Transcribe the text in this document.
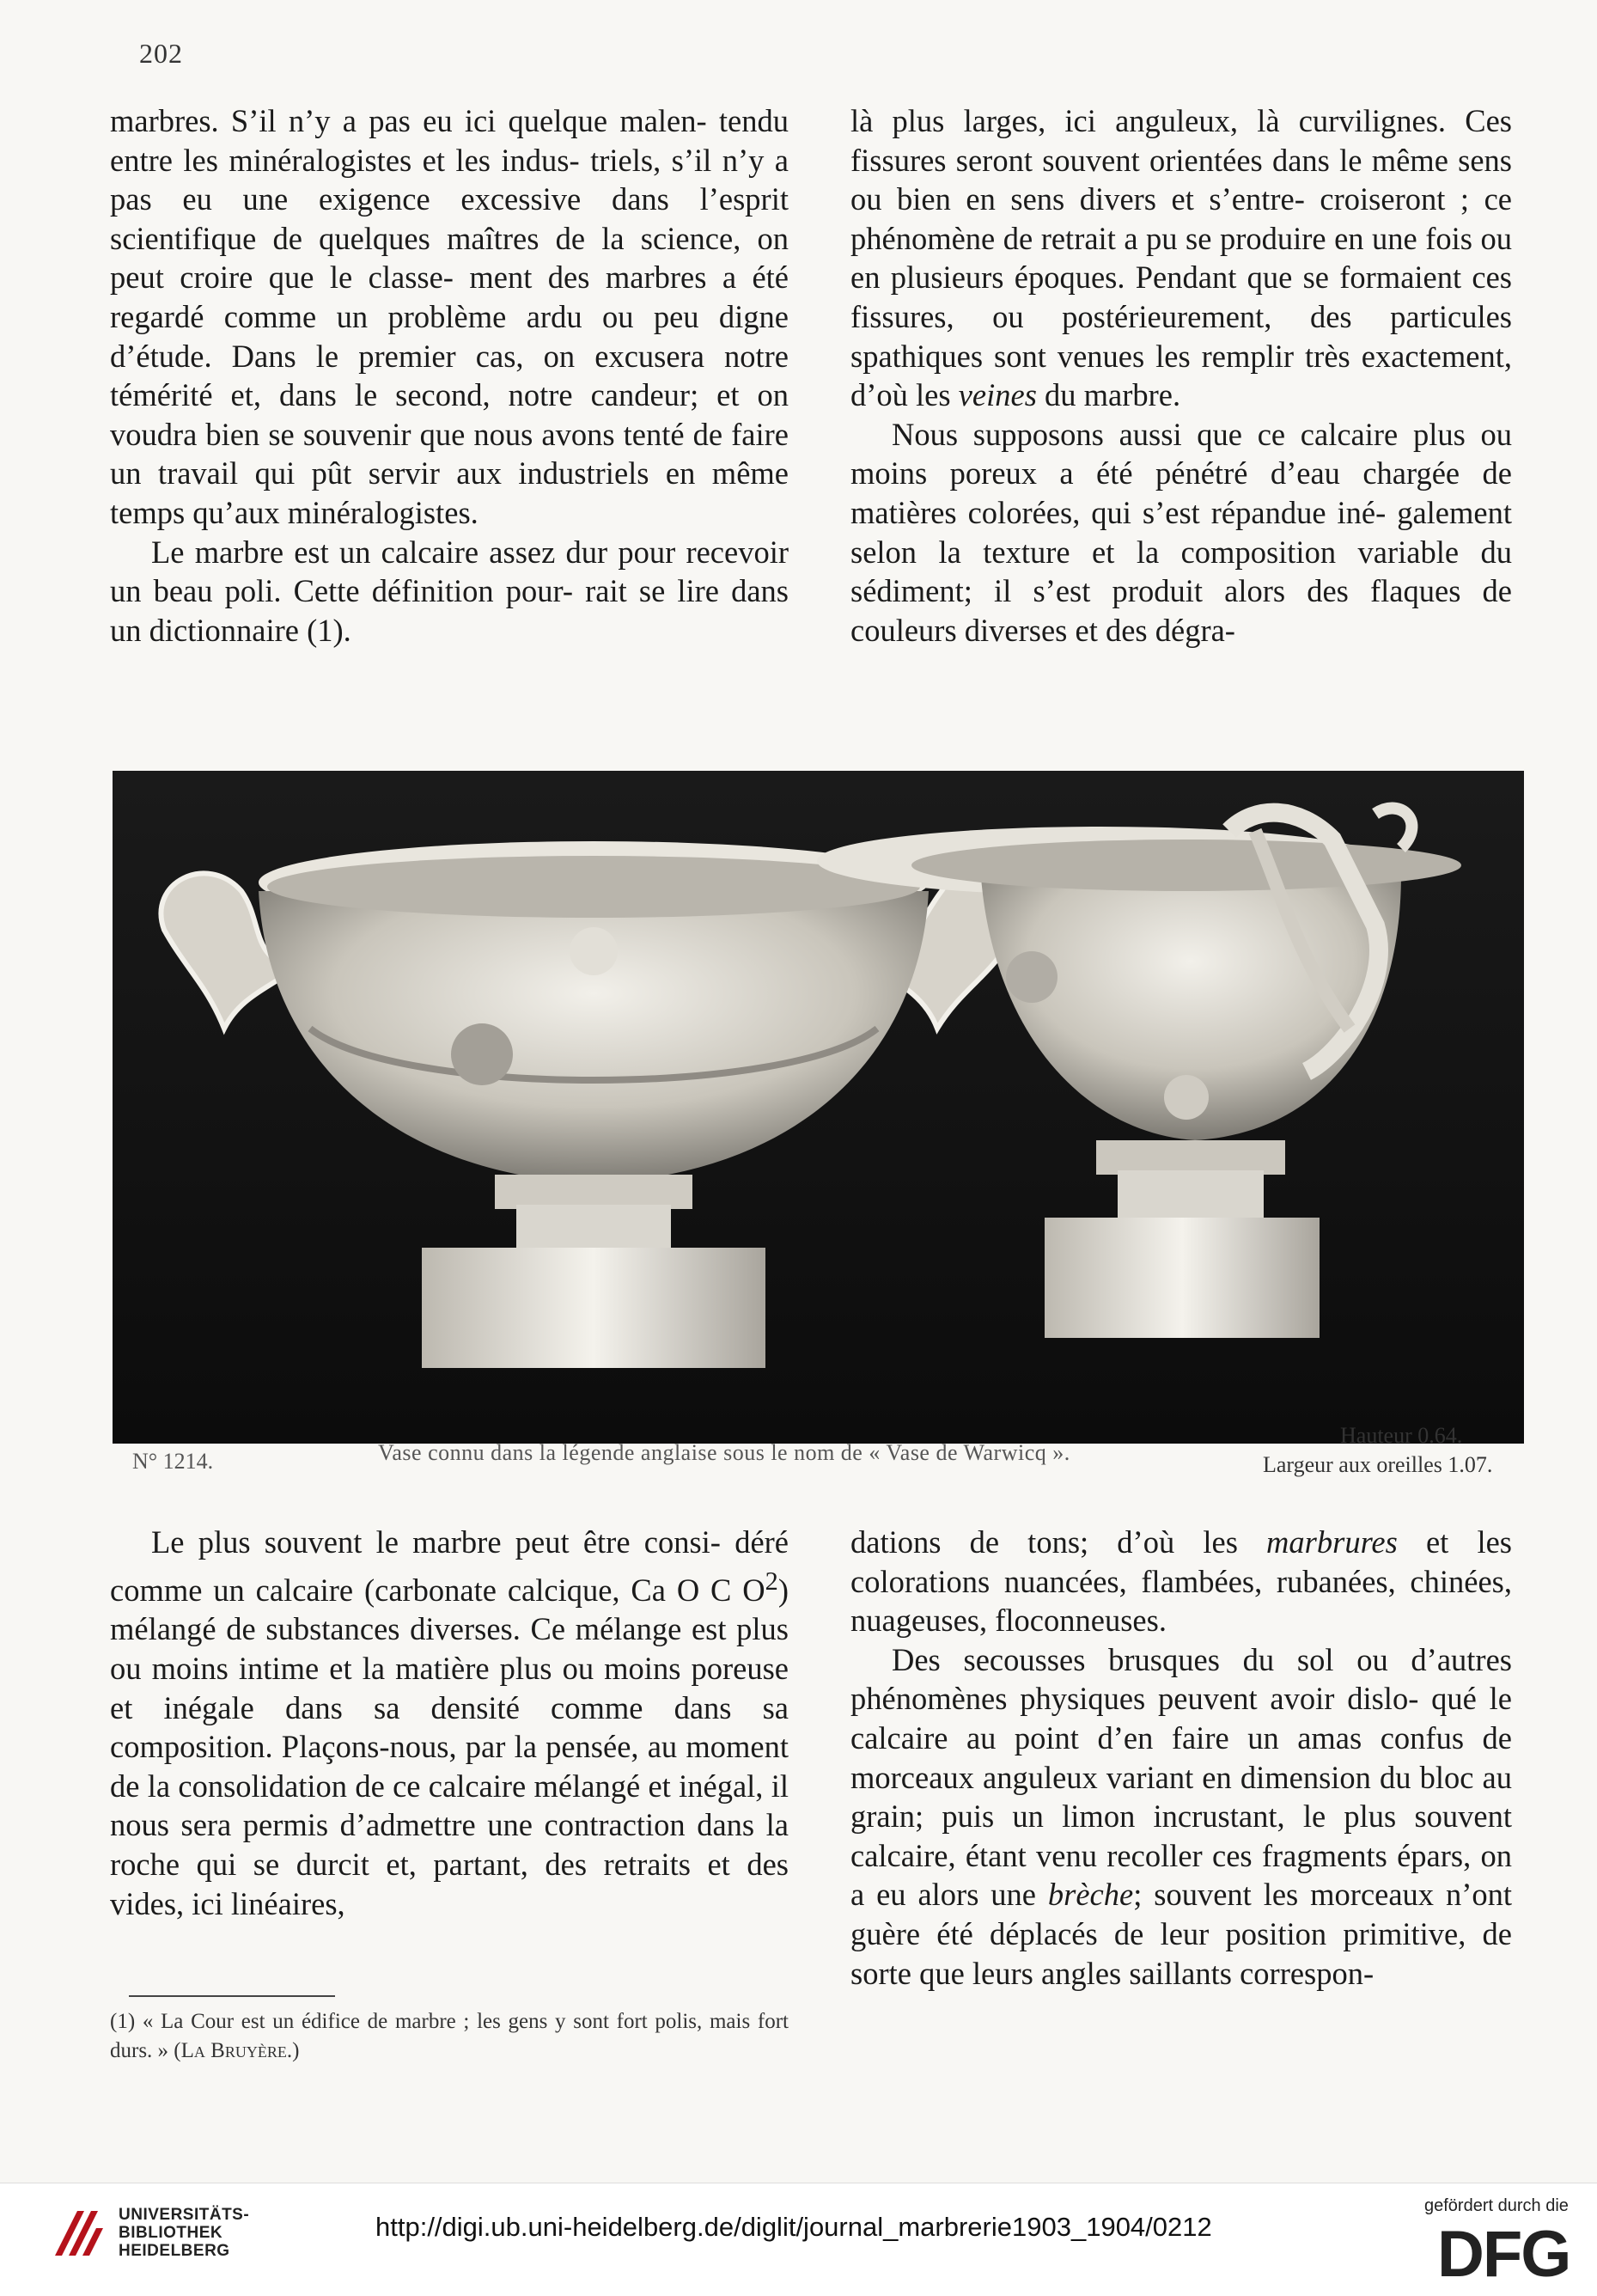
202

marbres. S’il n’y a pas eu ici quelque malen- tendu entre les minéralogistes et les indus- triels, s’il n’y a pas eu une exigence excessive dans l’esprit scientifique de quelques maîtres de la science, on peut croire que le classe- ment des marbres a été regardé comme un problème ardu ou peu digne d’étude. Dans le premier cas, on excusera notre témérité et, dans le second, notre candeur; et on voudra bien se souvenir que nous avons tenté de faire un travail qui pût servir aux industriels en même temps qu’aux minéralogistes.

Le marbre est un calcaire assez dur pour recevoir un beau poli. Cette définition pour- rait se lire dans un dictionnaire (1).

là plus larges, ici anguleux, là curvilignes. Ces fissures seront souvent orientées dans le même sens ou bien en sens divers et s’entre- croiseront ; ce phénomène de retrait a pu se produire en une fois ou en plusieurs époques. Pendant que se formaient ces fissures, ou postérieurement, des particules spathiques sont venues les remplir très exactement, d’où les veines du marbre.

Nous supposons aussi que ce calcaire plus ou moins poreux a été pénétré d’eau chargée de matières colorées, qui s’est répandue iné- galement selon la texture et la composition variable du sédiment; il s’est produit alors des flaques de couleurs diverses et des dégra-

N° 1214.	Vase connu dans la légende anglaise sous le nom de « Vase de Warwicq ».
Hauteur 0.64.
Largeur aux oreilles 1.07.

Le plus souvent le marbre peut être consi- déré comme un calcaire (carbonate calcique, Ca O C $O^2$) mélangé de substances diverses. Ce mélange est plus ou moins intime et la matière plus ou moins poreuse et inégale dans sa densité comme dans sa composition. Plaçons-nous, par la pensée, au moment de la consolidation de ce calcaire mélangé et inégal, il nous sera permis d’admettre une contraction dans la roche qui se durcit et, partant, des retraits et des vides, ici linéaires,

(1) « La Cour est un édifice de marbre ; les gens y sont fort polis, mais fort durs. » (La Bruyère.)

dations de tons; d’où les marbrures et les colorations nuancées, flambées, rubanées, chinées, nuageuses, floconneuses.

Des secousses brusques du sol ou d’autres phénomènes physiques peuvent avoir dislo- qué le calcaire au point d’en faire un amas confus de morceaux anguleux variant en dimension du bloc au grain; puis un limon incrustant, le plus souvent calcaire, étant venu recoller ces fragments épars, on a eu alors une brèche; souvent les morceaux n’ont guère été déplacés de leur position primitive, de sorte que leurs angles saillants correspon-

UNIVERSITÄTS-
BIBLIOTHEK
HEIDELBERG
http://digi.ub.uni-heidelberg.de/diglit/journal_marbrerie1903_1904/0212
gefördert durch die
DFG
